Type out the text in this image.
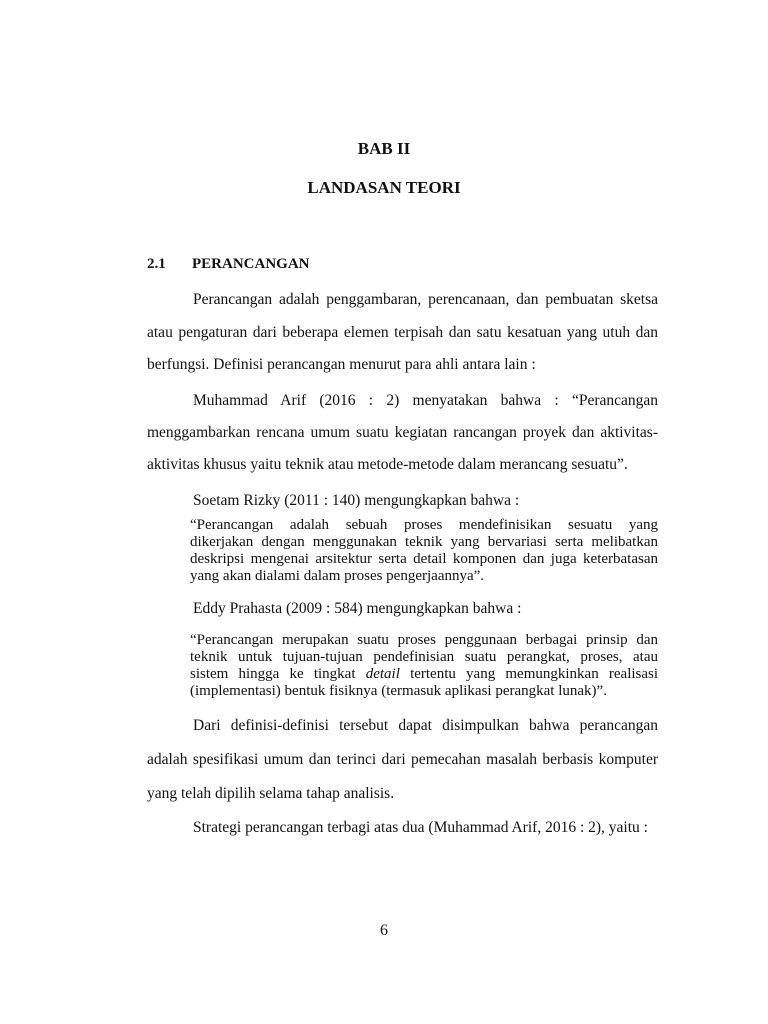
BAB II
LANDASAN TEORI
2.1 PERANCANGAN
Perancangan adalah penggambaran, perencanaan, dan pembuatan sketsa
atau pengaturan dari beberapa elemen terpisah dan satu kesatuan yang utuh dan
berfungsi. Definisi perancangan menurut para ahli antara lain :
Muhammad Arif (2016 : 2) menyatakan bahwa : “Perancangan
menggambarkan rencana umum suatu kegiatan rancangan proyek dan aktivitas-
aktivitas khusus yaitu teknik atau metode-metode dalam merancang sesuatu”.
Soetam Rizky (2011 : 140) mengungkapkan bahwa :
“Perancangan adalah sebuah proses mendefinisikan sesuatu yang
dikerjakan dengan menggunakan teknik yang bervariasi serta melibatkan
deskripsi mengenai arsitektur serta detail komponen dan juga keterbatasan
yang akan dialami dalam proses pengerjaannya”.
Eddy Prahasta (2009 : 584) mengungkapkan bahwa :
“Perancangan merupakan suatu proses penggunaan berbagai prinsip dan
teknik untuk tujuan-tujuan pendefinisian suatu perangkat, proses, atau
sistem hingga ke tingkat detail tertentu yang memungkinkan realisasi
(implementasi) bentuk fisiknya (termasuk aplikasi perangkat lunak)”.
Dari definisi-definisi tersebut dapat disimpulkan bahwa perancangan
adalah spesifikasi umum dan terinci dari pemecahan masalah berbasis komputer
yang telah dipilih selama tahap analisis.
Strategi perancangan terbagi atas dua (Muhammad Arif, 2016 : 2), yaitu :
6
